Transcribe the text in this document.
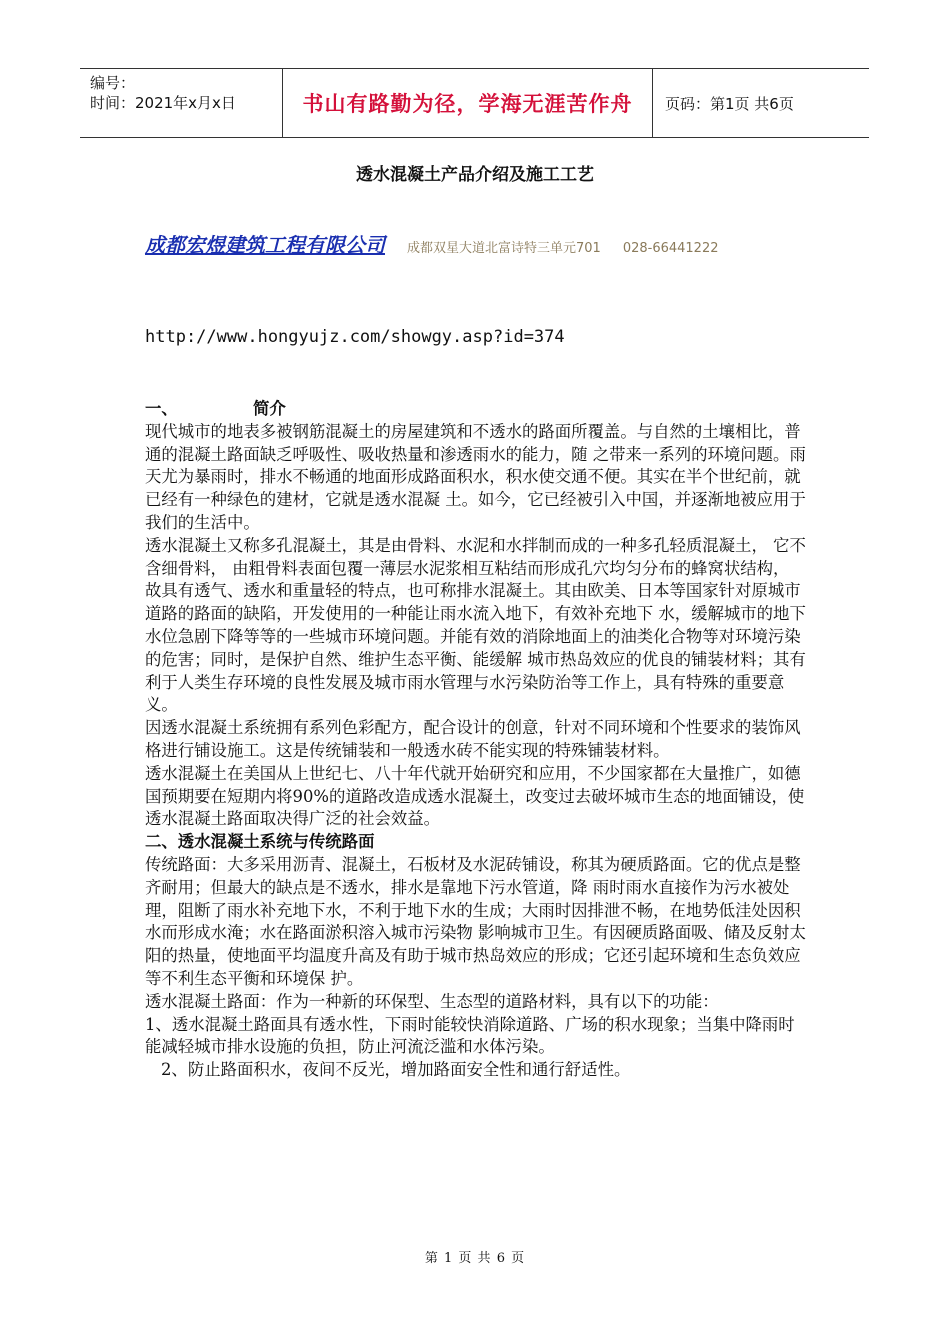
编号：
时间：2021年x月x日	书山有路勤为径，学海无涯苦作舟	页码：第1页 共6页
透水混凝土产品介绍及施工工艺
成都宏煜建筑工程有限公司 成都双星大道北富诗特三单元701 028-66441222
http://www.hongyujz.com/showgy.asp?id=374

一、	简介

现代城市的地表多被钢筋混凝土的房屋建筑和不透水的路面所覆盖。与自然的土壤相比，普通的混凝土路面缺乏呼吸性、吸收热量和渗透雨水的能力，随 之带来一系列的环境问题。雨天尤为暴雨时，排水不畅通的地面形成路面积水，积水使交通不便。其实在半个世纪前，就已经有一种绿色的建材，它就是透水混凝 土。如今，它已经被引入中国，并逐渐地被应用于我们的生活中。

透水混凝土又称多孔混凝土，其是由骨料、水泥和水拌制而成的一种多孔轻质混凝土， 它不含细骨料， 由粗骨料表面包覆一薄层水泥浆相互粘结而形成孔穴均匀分布的蜂窝状结构， 故具有透气、透水和重量轻的特点，也可称排水混凝土。其由欧美、日本等国家针对原城市道路的路面的缺陷，开发使用的一种能让雨水流入地下，有效补充地下 水，缓解城市的地下水位急剧下降等等的一些城市环境问题。并能有效的消除地面上的油类化合物等对环境污染的危害；同时，是保护自然、维护生态平衡、能缓解 城市热岛效应的优良的铺装材料；其有利于人类生存环境的良性发展及城市雨水管理与水污染防治等工作上，具有特殊的重要意义。

因透水混凝土系统拥有系列色彩配方，配合设计的创意，针对不同环境和个性要求的装饰风格进行铺设施工。这是传统铺装和一般透水砖不能实现的特殊铺装材料。

透水混凝土在美国从上世纪七、八十年代就开始研究和应用，不少国家都在大量推广，如德国预期要在短期内将90%的道路改造成透水混凝土，改变过去破坏城市生态的地面铺设，使透水混凝土路面取决得广泛的社会效益。

二、透水混凝土系统与传统路面

传统路面：大多采用沥青、混凝土，石板材及水泥砖铺设，称其为硬质路面。它的优点是整齐耐用；但最大的缺点是不透水，排水是靠地下污水管道，降 雨时雨水直接作为污水被处理，阻断了雨水补充地下水，不利于地下水的生成；大雨时因排泄不畅，在地势低洼处因积水而形成水淹；水在路面淤积溶入城市污染物 影响城市卫生。有因硬质路面吸、储及反射太阳的热量，使地面平均温度升高及有助于城市热岛效应的形成；它还引起环境和生态负效应等不利生态平衡和环境保 护。

透水混凝土路面：作为一种新的环保型、生态型的道路材料，具有以下的功能：

1、透水混凝土路面具有透水性，下雨时能较快消除道路、广场的积水现象；当集中降雨时能减轻城市排水设施的负担，防止河流泛滥和水体污染。

2、防止路面积水，夜间不反光，增加路面安全性和通行舒适性。

第 1 页 共 6 页
